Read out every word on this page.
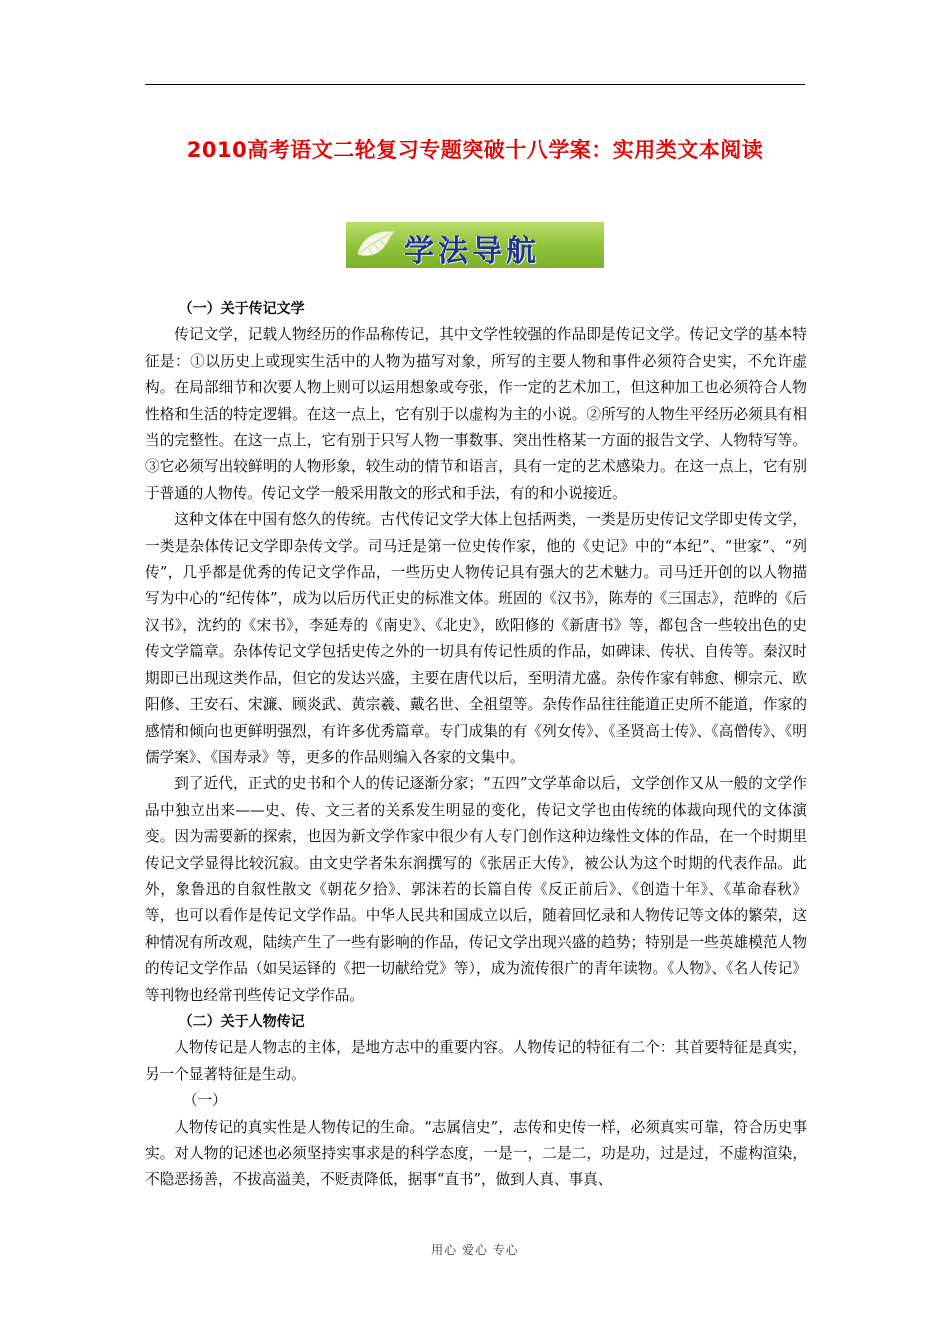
2010高考语文二轮复习专题突破十八学案：实用类文本阅读
学法导航

（一）关于传记文学

传记文学，记载人物经历的作品称传记，其中文学性较强的作品即是传记文学。传记文学的基本特征是：①以历史上或现实生活中的人物为描写对象，所写的主要人物和事件必须符合史实，不允许虚构。在局部细节和次要人物上则可以运用想象或夸张，作一定的艺术加工，但这种加工也必须符合人物性格和生活的特定逻辑。在这一点上，它有别于以虚构为主的小说。②所写的人物生平经历必须具有相当的完整性。在这一点上，它有别于只写人物一事数事、突出性格某一方面的报告文学、人物特写等。③它必须写出较鲜明的人物形象，较生动的情节和语言，具有一定的艺术感染力。在这一点上，它有别于普通的人物传。传记文学一般采用散文的形式和手法，有的和小说接近。

这种文体在中国有悠久的传统。古代传记文学大体上包括两类，一类是历史传记文学即史传文学，一类是杂体传记文学即杂传文学。司马迁是第一位史传作家，他的《史记》中的“本纪”、“世家”、“列传”，几乎都是优秀的传记文学作品，一些历史人物传记具有强大的艺术魅力。司马迁开创的以人物描写为中心的“纪传体”，成为以后历代正史的标准文体。班固的《汉书》，陈寿的《三国志》，范晔的《后汉书》，沈约的《宋书》，李延寿的《南史》、《北史》，欧阳修的《新唐书》等，都包含一些较出色的史传文学篇章。杂体传记文学包括史传之外的一切具有传记性质的作品，如碑诔、传状、自传等。秦汉时期即已出现这类作品，但它的发达兴盛，主要在唐代以后，至明清尤盛。杂传作家有韩愈、柳宗元、欧阳修、王安石、宋濂、顾炎武、黄宗羲、戴名世、全祖望等。杂传作品往往能道正史所不能道，作家的感情和倾向也更鲜明强烈，有许多优秀篇章。专门成集的有《列女传》、《圣贤高士传》、《高僧传》、《明儒学案》、《国寿录》等，更多的作品则编入各家的文集中。

到了近代，正式的史书和个人的传记逐渐分家；“五四”文学革命以后，文学创作又从一般的文学作品中独立出来——史、传、文三者的关系发生明显的变化，传记文学也由传统的体裁向现代的文体演变。因为需要新的探索，也因为新文学作家中很少有人专门创作这种边缘性文体的作品，在一个时期里传记文学显得比较沉寂。由文史学者朱东润撰写的《张居正大传》，被公认为这个时期的代表作品。此外，象鲁迅的自叙性散文《朝花夕拾》、郭沫若的长篇自传《反正前后》、《创造十年》、《革命春秋》等，也可以看作是传记文学作品。中华人民共和国成立以后，随着回忆录和人物传记等文体的繁荣，这种情况有所改观，陆续产生了一些有影响的作品，传记文学出现兴盛的趋势；特别是一些英雄模范人物的传记文学作品（如吴运铎的《把一切献给党》等），成为流传很广的青年读物。《人物》、《名人传记》等刊物也经常刊些传记文学作品。

（二）关于人物传记

人物传记是人物志的主体，是地方志中的重要内容。人物传记的特征有二个：其首要特征是真实，另一个显著特征是生动。

（一）

人物传记的真实性是人物传记的生命。“志属信史”，志传和史传一样，必须真实可靠，符合历史事实。对人物的记述也必须坚持实事求是的科学态度，一是一，二是二，功是功，过是过，不虚构渲染，不隐恶扬善，不拔高溢美，不贬责降低，据事“直书”，做到人真、事真、

用心 爱心 专心
